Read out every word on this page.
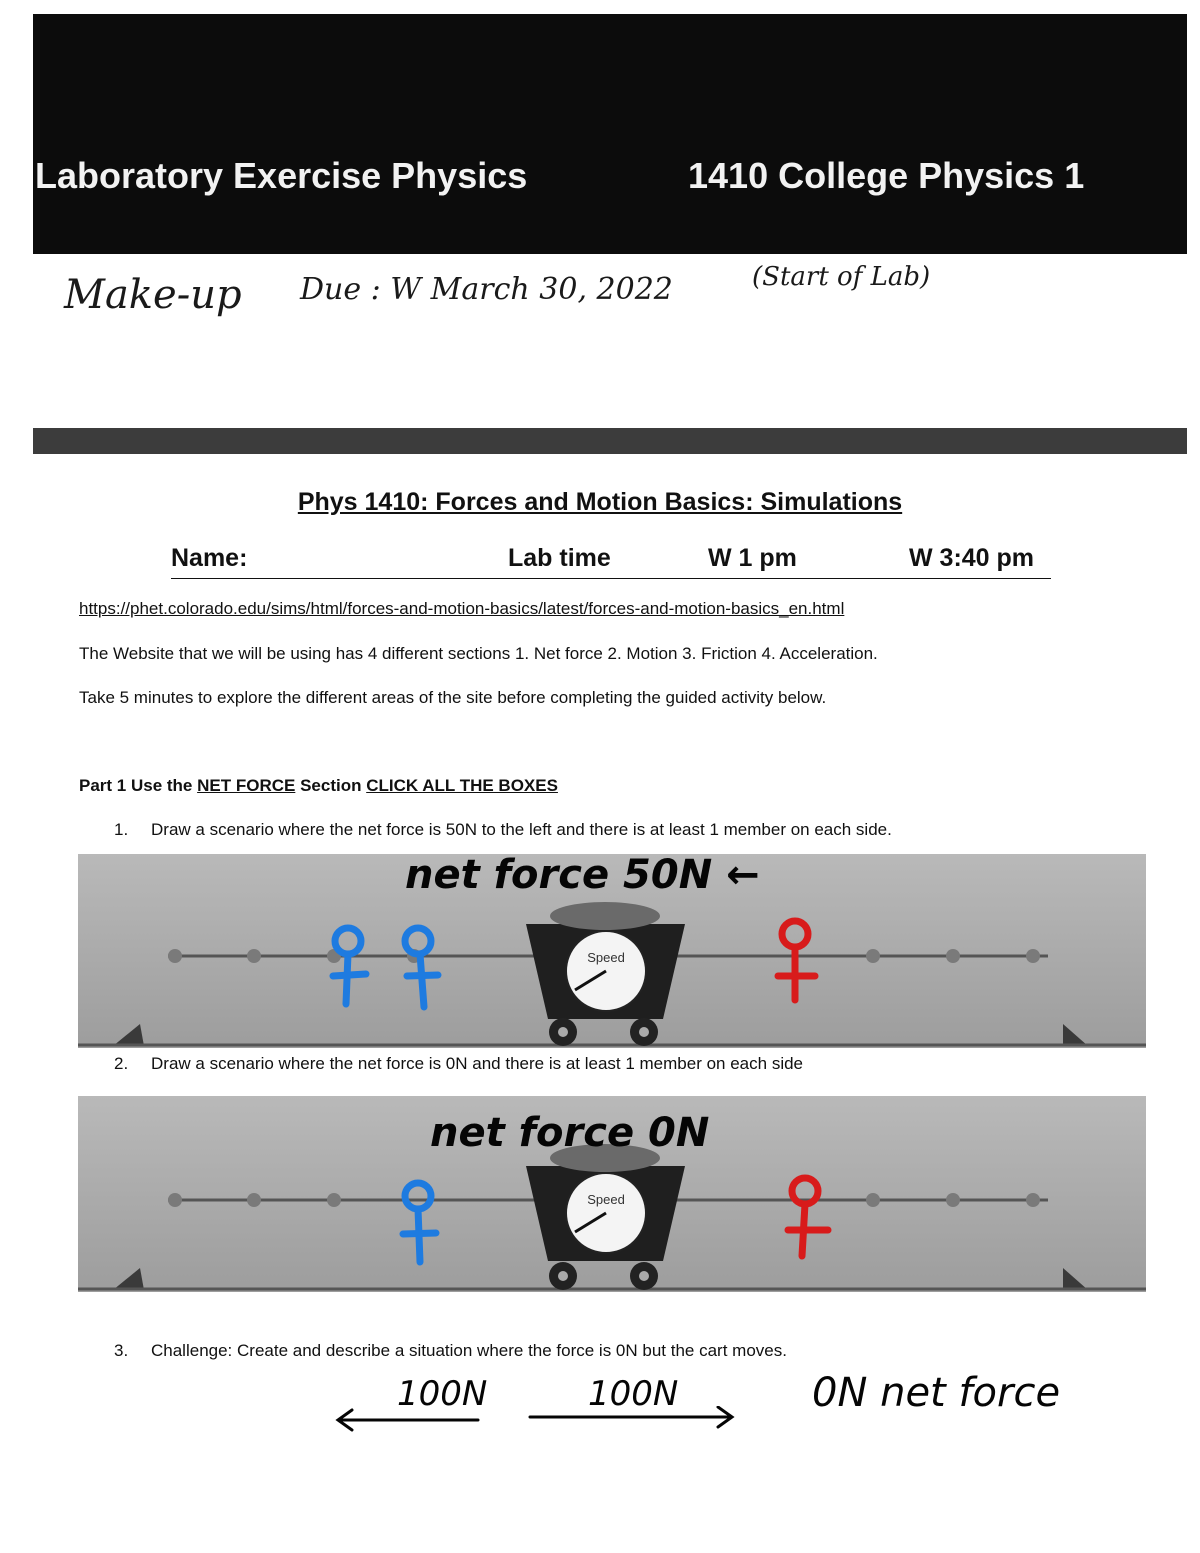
Laboratory Exercise Physics	1410 College Physics 1
Make-up Due : W March 30, 2022	(Start of Lab)
Phys 1410: Forces and Motion Basics: Simulations
Name:	Lab time	W 1 pm	W 3:40 pm
https://phet.colorado.edu/sims/html/forces-and-motion-basics/latest/forces-and-motion-basics_en.html
The Website that we will be using has 4 different sections 1. Net force 2. Motion 3. Friction 4. Acceleration.
Take 5 minutes to explore the different areas of the site before completing the guided activity below.
Part 1 Use the NET FORCE Section CLICK ALL THE BOXES
1. Draw a scenario where the net force is 50N to the left and there is at least 1 member on each side.
Speed
net force 50N ←
2. Draw a scenario where the net force is 0N and there is at least 1 member on each side
Speed
net force 0N
3. Challenge: Create and describe a situation where the force is 0N but the cart moves.
100N	100N	0N net force
